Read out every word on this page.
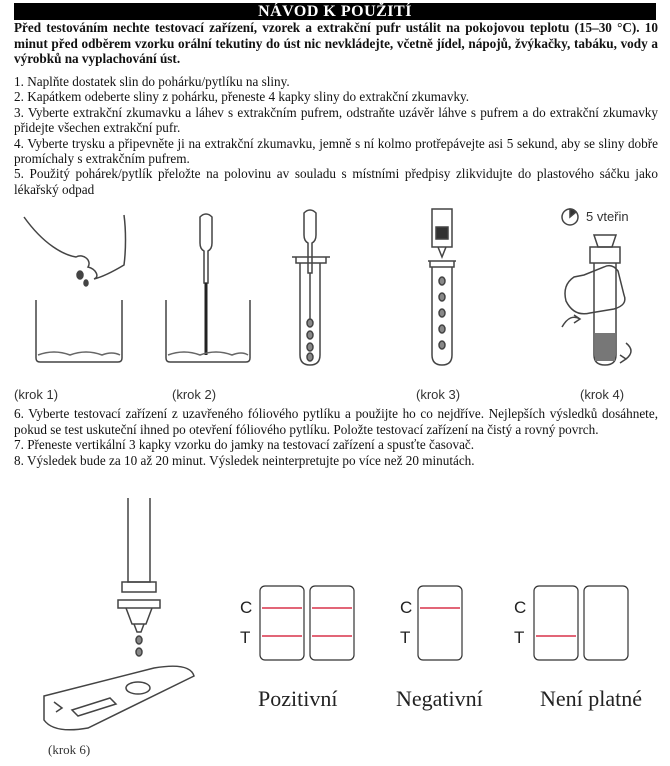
NÁVOD K POUŽITÍ
Před testováním nechte testovací zařízení, vzorek a extrakční pufr ustálit na pokojovou teplotu (15–30 °C). 10 minut před odběrem vzorku orální tekutiny do úst nic nevkládejte, včetně jídel, nápojů, žvýkačky, tabáku, vody a výrobků na vyplachování úst.

1. Naplňte dostatek slin do pohárku/pytlíku na sliny.

2. Kapátkem odeberte sliny z pohárku, přeneste 4 kapky sliny do extrakční zkumavky.

3. Vyberte extrakční zkumavku a láhev s extrakčním pufrem, odstraňte uzávěr láhve s pufrem a do extrakční zkumavky přidejte všechen extrakční pufr.

4. Vyberte trysku a připevněte ji na extrakční zkumavku, jemně s ní kolmo protřepávejte asi 5 sekund, aby se sliny dobře promíchaly s extrakčním pufrem.

5. Použitý pohárek/pytlík přeložte na polovinu av souladu s místními předpisy zlikvidujte do plastového sáčku jako lékařský odpad

5 vteřin
(krok 1)	(krok 2)	(krok 3)	(krok 4)

6. Vyberte testovací zařízení z uzavřeného fóliového pytlíku a použijte ho co nejdříve. Nejlepších výsledků dosáhnete, pokud se test uskuteční ihned po otevření fóliového pytlíku. Položte testovací zařízení na čistý a rovný povrch.

7. Přeneste vertikální 3 kapky vzorku do jamky na testovací zařízení a spusťte časovač.

8. Výsledek bude za 10 až 20 minut. Výsledek neinterpretujte po více než 20 minutách.

(krok 6)
C
T
C
T
C
T
Pozitivní	Negativní	Není platné
